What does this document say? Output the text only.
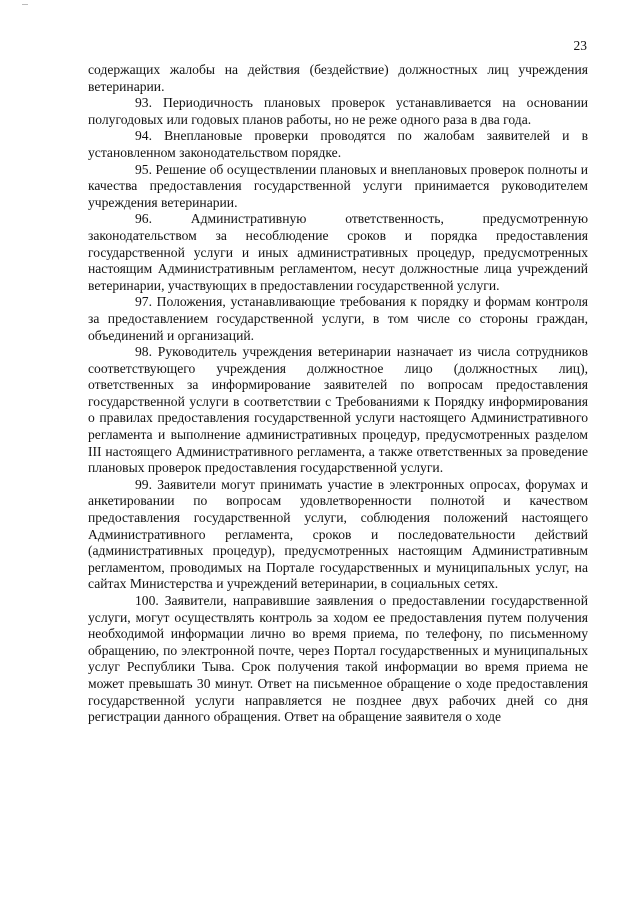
23

содержащих жалобы на действия (бездействие) должностных лиц учреждения ветеринарии.

93. Периодичность плановых проверок устанавливается на основании полугодовых или годовых планов работы, но не реже одного раза в два года.

94. Внеплановые проверки проводятся по жалобам заявителей и в установленном законодательством порядке.

95. Решение об осуществлении плановых и внеплановых проверок полноты и качества предоставления государственной услуги принимается руководителем учреждения ветеринарии.

96. Административную ответственность, предусмотренную законодательством за несоблюдение сроков и порядка предоставления государственной услуги и иных административных процедур, предусмотренных настоящим Административным регламентом, несут должностные лица учреждений ветеринарии, участвующих в предоставлении государственной услуги.

97. Положения, устанавливающие требования к порядку и формам контроля за предоставлением государственной услуги, в том числе со стороны граждан, объединений и организаций.

98. Руководитель учреждения ветеринарии назначает из числа сотрудников соответствующего учреждения должностное лицо (должностных лиц), ответственных за информирование заявителей по вопросам предоставления государственной услуги в соответствии с Требованиями к Порядку информирования о правилах предоставления государственной услуги настоящего Административного регламента и выполнение административных процедур, предусмотренных разделом III настоящего Административного регламента, а также ответственных за проведение плановых проверок предоставления государственной услуги.

99. Заявители могут принимать участие в электронных опросах, форумах и анкетировании по вопросам удовлетворенности полнотой и качеством предоставления государственной услуги, соблюдения положений настоящего Административного регламента, сроков и последовательности действий (административных процедур), предусмотренных настоящим Административным регламентом, проводимых на Портале государственных и муниципальных услуг, на сайтах Министерства и учреждений ветеринарии, в социальных сетях.

100. Заявители, направившие заявления о предоставлении государственной услуги, могут осуществлять контроль за ходом ее предоставления путем получения необходимой информации лично во время приема, по телефону, по письменному обращению, по электронной почте, через Портал государственных и муниципальных услуг Республики Тыва. Срок получения такой информации во время приема не может превышать 30 минут. Ответ на письменное обращение о ходе предоставления государственной услуги направляется не позднее двух рабочих дней со дня регистрации данного обращения. Ответ на обращение заявителя о ходе
